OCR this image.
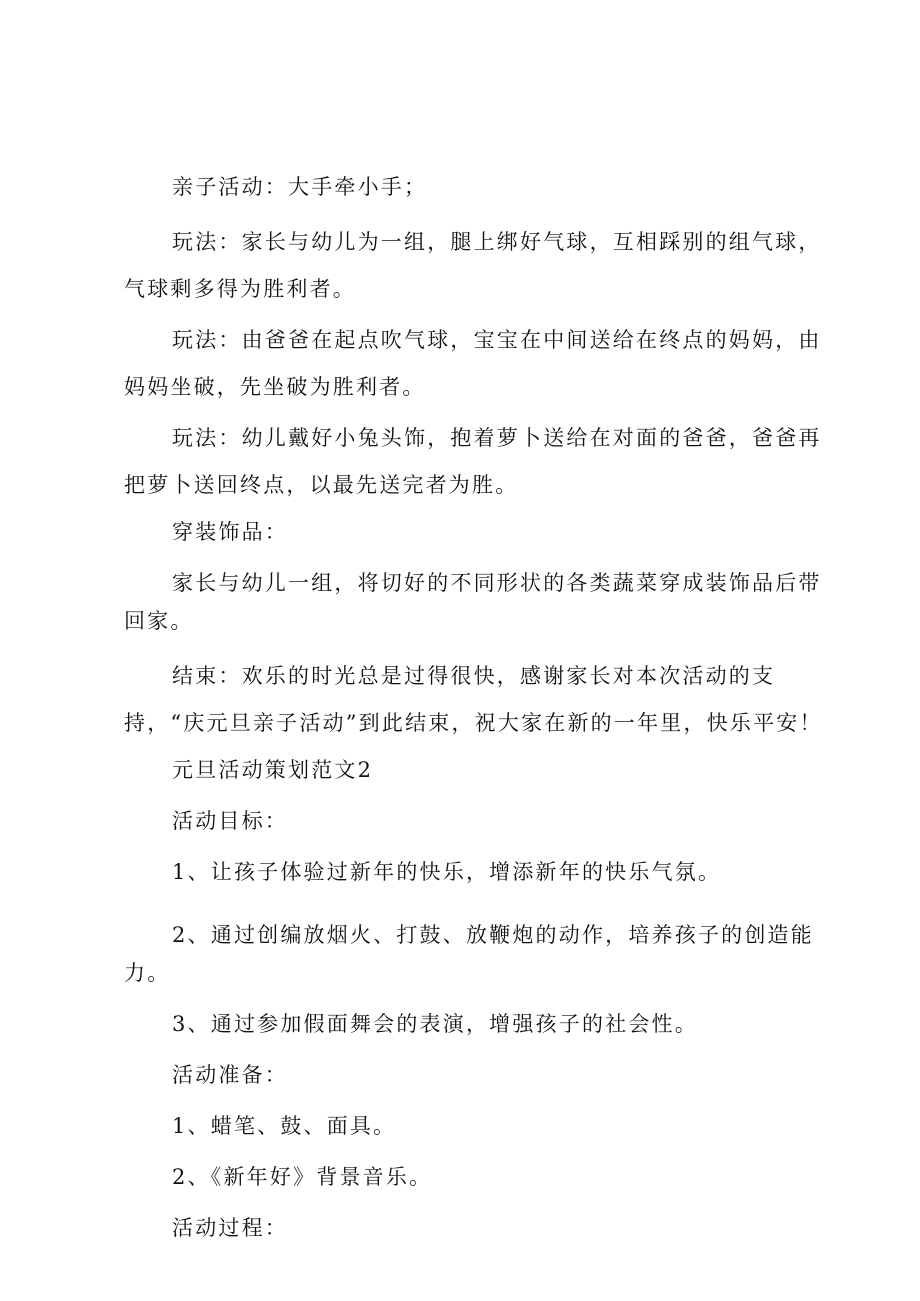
亲子活动：大手牵小手；

玩法：家长与幼儿为一组，腿上绑好气球，互相踩别的组气球，气球剩多得为胜利者。

玩法：由爸爸在起点吹气球，宝宝在中间送给在终点的妈妈，由妈妈坐破，先坐破为胜利者。

玩法：幼儿戴好小兔头饰，抱着萝卜送给在对面的爸爸，爸爸再把萝卜送回终点，以最先送完者为胜。

穿装饰品：

家长与幼儿一组，将切好的不同形状的各类蔬菜穿成装饰品后带回家。

结束：欢乐的时光总是过得很快，感谢家长对本次活动的支持，“庆元旦亲子活动”到此结束，祝大家在新的一年里，快乐平安！

元旦活动策划范文2

活动目标：

1、让孩子体验过新年的快乐，增添新年的快乐气氛。

2、通过创编放烟火、打鼓、放鞭炮的动作，培养孩子的创造能力。

3、通过参加假面舞会的表演，增强孩子的社会性。

活动准备：

1、蜡笔、鼓、面具。

2、《新年好》背景音乐。

活动过程：
